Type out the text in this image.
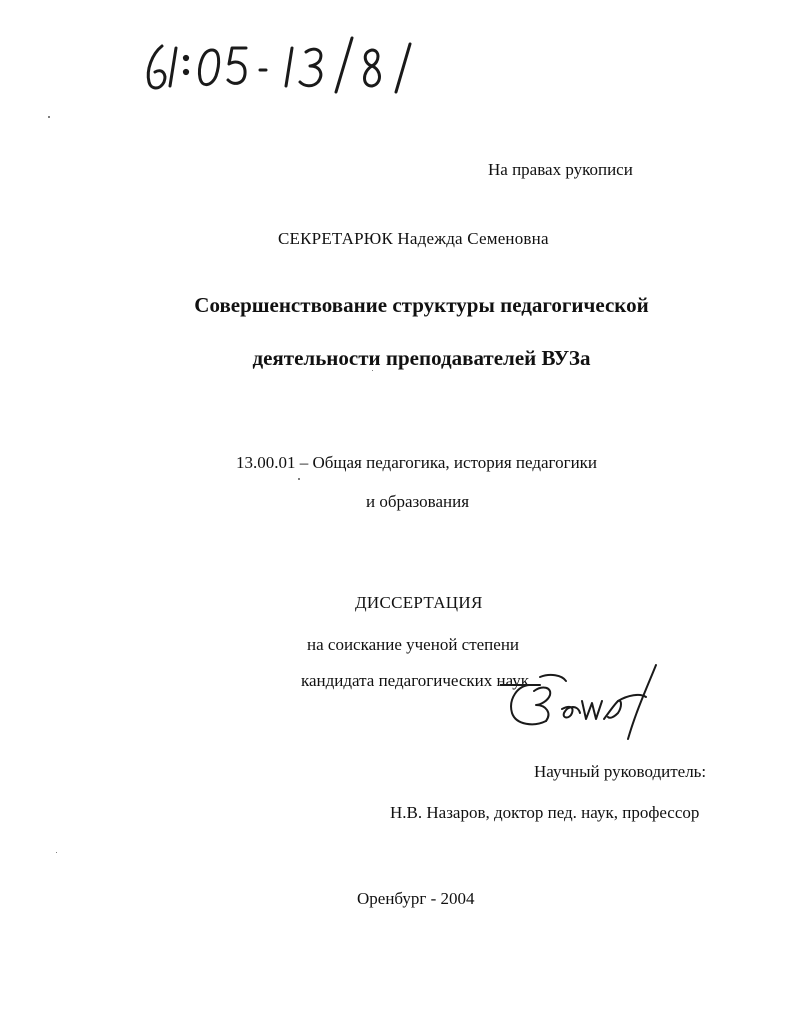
На правах рукописи
СЕКРЕТАРЮК Надежда Семеновна
Совершенствование структуры педагогической
деятельности преподавателей ВУЗа
13.00.01 – Общая педагогика, история педагогики
и образования
ДИССЕРТАЦИЯ
на соискание ученой степени
кандидата педагогических наук
Научный руководитель:
Н.В. Назаров, доктор пед. наук, профессор
Оренбург - 2004
